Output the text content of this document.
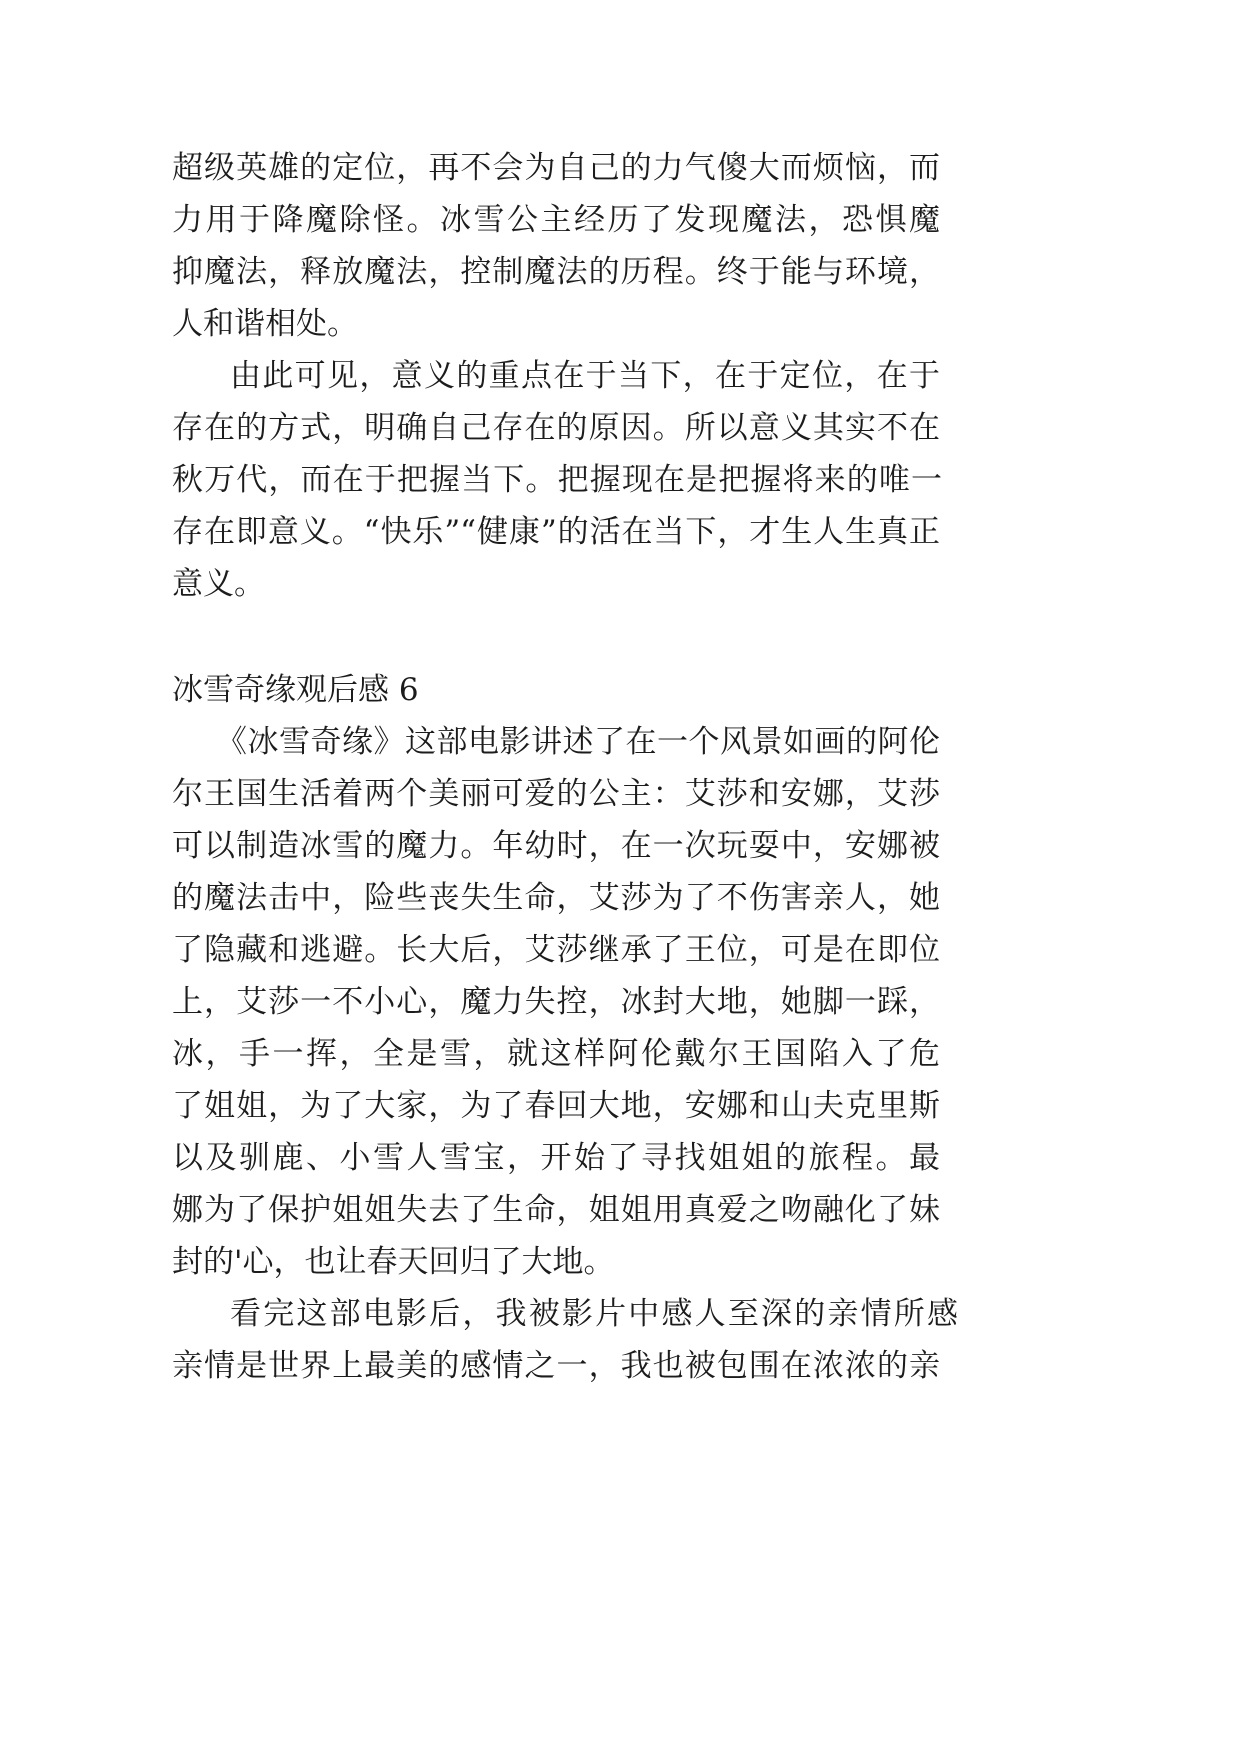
超级英雄的定位，再不会为自己的力气傻大而烦恼，而
力用于降魔除怪。冰雪公主经历了发现魔法，恐惧魔
抑魔法，释放魔法，控制魔法的历程。终于能与环境，
人和谐相处。
由此可见，意义的重点在于当下，在于定位，在于
存在的方式，明确自己存在的原因。所以意义其实不在
秋万代，而在于把握当下。把握现在是把握将来的唯一
存在即意义。“快乐”“健康”的活在当下，才生人生真正
意义。
冰雪奇缘观后感 6
《冰雪奇缘》这部电影讲述了在一个风景如画的阿伦
尔王国生活着两个美丽可爱的公主：艾莎和安娜，艾莎
可以制造冰雪的魔力。年幼时，在一次玩耍中，安娜被
的魔法击中，险些丧失生命，艾莎为了不伤害亲人，她
了隐藏和逃避。长大后，艾莎继承了王位，可是在即位
上，艾莎一不小心，魔力失控，冰封大地，她脚一踩，
冰，手一挥，全是雪，就这样阿伦戴尔王国陷入了危
了姐姐，为了大家，为了春回大地，安娜和山夫克里斯
以及驯鹿、小雪人雪宝，开始了寻找姐姐的旅程。最
娜为了保护姐姐失去了生命，姐姐用真爱之吻融化了妹
封的'心，也让春天回归了大地。
看完这部电影后，我被影片中感人至深的亲情所感
亲情是世界上最美的感情之一，我也被包围在浓浓的亲
